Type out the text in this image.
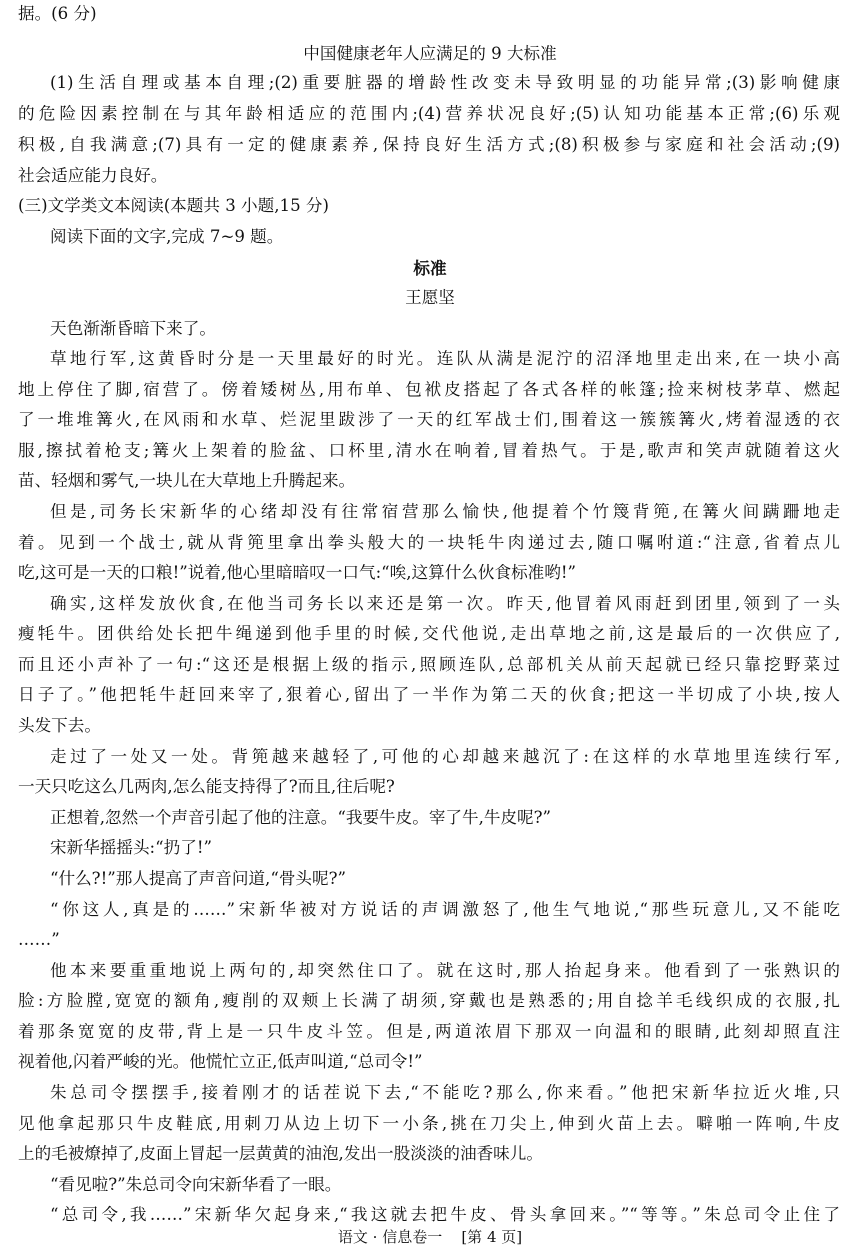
据。(6 分)
中国健康老年人应满足的 9 大标准
(1)生活自理或基本自理;(2)重要脏器的增龄性改变未导致明显的功能异常;(3)影响健康
的危险因素控制在与其年龄相适应的范围内;(4)营养状况良好;(5)认知功能基本正常;(6)乐观
积极,自我满意;(7)具有一定的健康素养,保持良好生活方式;(8)积极参与家庭和社会活动;(9)
社会适应能力良好。
(三)文学类文本阅读(本题共 3 小题,15 分)
阅读下面的文字,完成 7~9 题。
标准
王愿坚
天色渐渐昏暗下来了。
草地行军,这黄昏时分是一天里最好的时光。连队从满是泥泞的沼泽地里走出来,在一块小高
地上停住了脚,宿营了。傍着矮树丛,用布单、包袱皮搭起了各式各样的帐篷;捡来树枝茅草、燃起
了一堆堆篝火,在风雨和水草、烂泥里跋涉了一天的红军战士们,围着这一簇簇篝火,烤着湿透的衣
服,擦拭着枪支;篝火上架着的脸盆、口杯里,清水在响着,冒着热气。于是,歌声和笑声就随着这火
苗、轻烟和雾气,一块儿在大草地上升腾起来。
但是,司务长宋新华的心绪却没有往常宿营那么愉快,他提着个竹篾背篼,在篝火间蹒跚地走
着。见到一个战士,就从背篼里拿出拳头般大的一块牦牛肉递过去,随口嘱咐道:“注意,省着点儿
吃,这可是一天的口粮!”说着,他心里暗暗叹一口气:“唉,这算什么伙食标准哟!”
确实,这样发放伙食,在他当司务长以来还是第一次。昨天,他冒着风雨赶到团里,领到了一头
瘦牦牛。团供给处长把牛绳递到他手里的时候,交代他说,走出草地之前,这是最后的一次供应了,
而且还小声补了一句:“这还是根据上级的指示,照顾连队,总部机关从前天起就已经只靠挖野菜过
日子了。”他把牦牛赶回来宰了,狠着心,留出了一半作为第二天的伙食;把这一半切成了小块,按人
头发下去。
走过了一处又一处。背篼越来越轻了,可他的心却越来越沉了:在这样的水草地里连续行军,
一天只吃这么几两肉,怎么能支持得了?而且,往后呢?
正想着,忽然一个声音引起了他的注意。“我要牛皮。宰了牛,牛皮呢?”
宋新华摇摇头:“扔了!”
“什么?!”那人提高了声音问道,“骨头呢?”
“你这人,真是的……”宋新华被对方说话的声调激怒了,他生气地说,“那些玩意儿,又不能吃
……”
他本来要重重地说上两句的,却突然住口了。就在这时,那人抬起身来。他看到了一张熟识的
脸:方脸膛,宽宽的额角,瘦削的双颊上长满了胡须,穿戴也是熟悉的;用自捻羊毛线织成的衣服,扎
着那条宽宽的皮带,背上是一只牛皮斗笠。但是,两道浓眉下那双一向温和的眼睛,此刻却照直注
视着他,闪着严峻的光。他慌忙立正,低声叫道,“总司令!”
朱总司令摆摆手,接着刚才的话茬说下去,“不能吃?那么,你来看。”他把宋新华拉近火堆,只
见他拿起那只牛皮鞋底,用刺刀从边上切下一小条,挑在刀尖上,伸到火苗上去。噼啪一阵响,牛皮
上的毛被燎掉了,皮面上冒起一层黄黄的油泡,发出一股淡淡的油香味儿。
“看见啦?”朱总司令向宋新华看了一眼。
“总司令,我……”宋新华欠起身来,“我这就去把牛皮、骨头拿回来。”“等等。”朱总司令止住了
语文 · 信息卷一 [第 4 页]
